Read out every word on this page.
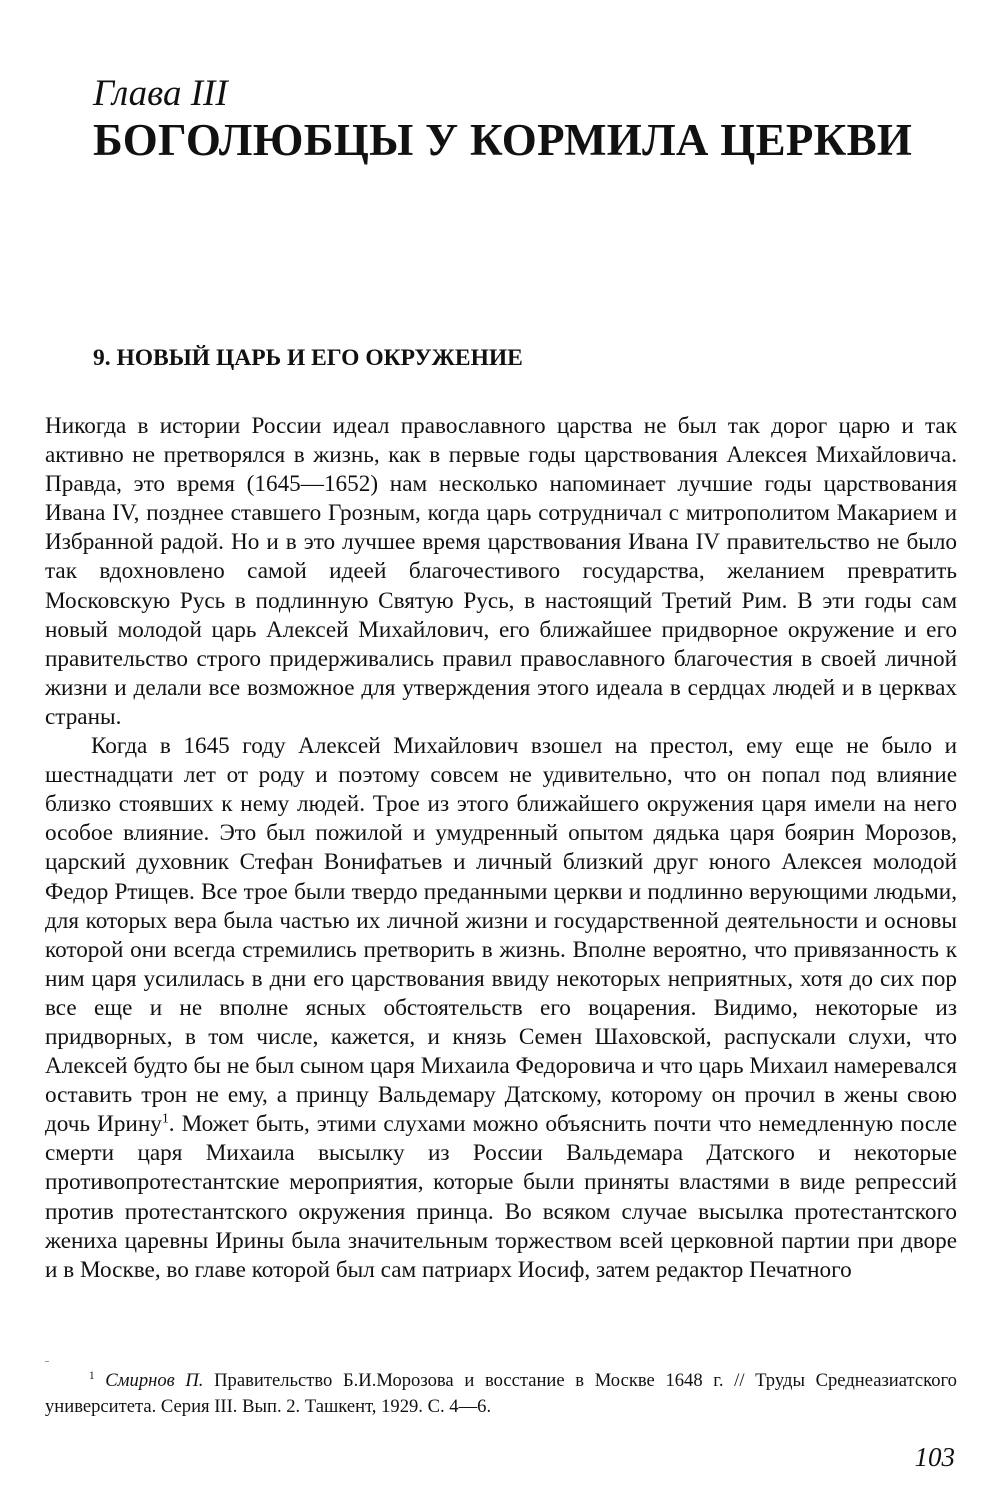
Глава III
БОГОЛЮБЦЫ У КОРМИЛА ЦЕРКВИ
9. НОВЫЙ ЦАРЬ И ЕГО ОКРУЖЕНИЕ

Никогда в истории России идеал православного царства не был так дорог царю и так активно не претворялся в жизнь, как в первые годы царствования Алексея Михайловича. Правда, это время (1645—1652) нам несколько напоминает лучшие годы царствования Ивана IV, позднее ставшего Грозным, когда царь сотрудничал с митрополитом Макарием и Избранной радой. Но и в это лучшее время царствования Ивана IV правительство не было так вдохновлено самой идеей благочестивого государства, желанием превратить Московскую Русь в подлинную Святую Русь, в настоящий Третий Рим. В эти годы сам новый молодой царь Алексей Михайлович, его ближайшее придворное окружение и его правительство строго придерживались правил православного благочестия в своей личной жизни и делали все возможное для утверждения этого идеала в сердцах людей и в церквах страны.

Когда в 1645 году Алексей Михайлович взошел на престол, ему еще не было и шестнадцати лет от роду и поэтому совсем не удивительно, что он попал под влияние близко стоявших к нему людей. Трое из этого ближайшего окружения царя имели на него особое влияние. Это был пожилой и умудренный опытом дядька царя боярин Морозов, царский духовник Стефан Вонифатьев и личный близкий друг юного Алексея молодой Федор Ртищев. Все трое были твердо преданными церкви и подлинно верующими людьми, для которых вера была частью их личной жизни и государственной деятельности и основы которой они всегда стремились претворить в жизнь. Вполне вероятно, что привязанность к ним царя усилилась в дни его царствования ввиду некоторых неприятных, хотя до сих пор все еще и не вполне ясных обстоятельств его воцарения. Видимо, некоторые из придворных, в том числе, кажется, и князь Семен Шаховской, распускали слухи, что Алексей будто бы не был сыном царя Михаила Федоровича и что царь Михаил намеревался оставить трон не ему, а принцу Вальдемару Датскому, которому он прочил в жены свою дочь Ирину$^1$. Может быть, этими слухами можно объяснить почти что немедленную после смерти царя Михаила высылку из России Вальдемара Датского и некоторые противопротестантские мероприятия, которые были приняты властями в виде репрессий против протестантского окружения принца. Во всяком случае высылка протестантского жениха царевны Ирины была значительным торжеством всей церковной партии при дворе и в Москве, во главе которой был сам патриарх Иосиф, затем редактор Печатного

$^1$ Смирнов П. Правительство Б.И.Морозова и восстание в Москве 1648 г. // Труды Среднеазиатского университета. Серия III. Вып. 2. Ташкент, 1929. С. 4—6.

103
